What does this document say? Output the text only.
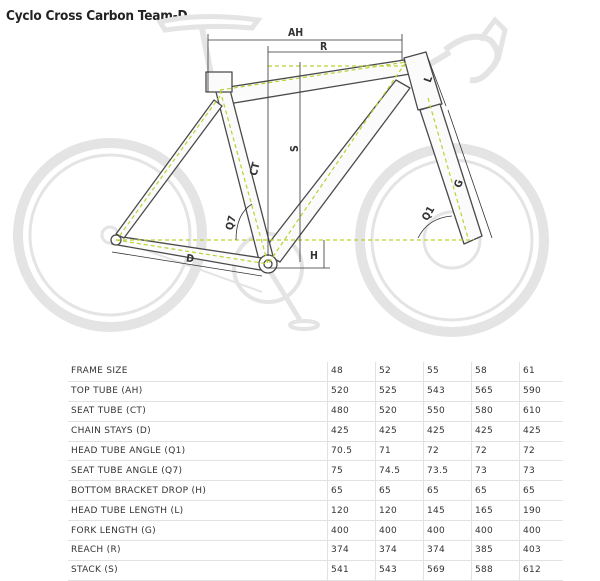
Cyclo Cross Carbon Team-D
AH
R
L
S
CT
G
Q1
Q7
D	H
FRAME SIZE	48	52	55	58	61
TOP TUBE (AH)	520	525	543	565	590
SEAT TUBE (CT)	480	520	550	580	610
CHAIN STAYS (D)	425	425	425	425	425
HEAD TUBE ANGLE (Q1)	70.5	71	72	72	72
SEAT TUBE ANGLE (Q7)	75	74.5	73.5	73	73
BOTTOM BRACKET DROP (H)	65	65	65	65	65
HEAD TUBE LENGTH (L)	120	120	145	165	190
FORK LENGTH (G)	400	400	400	400	400
REACH (R)	374	374	374	385	403
STACK (S)	541	543	569	588	612
